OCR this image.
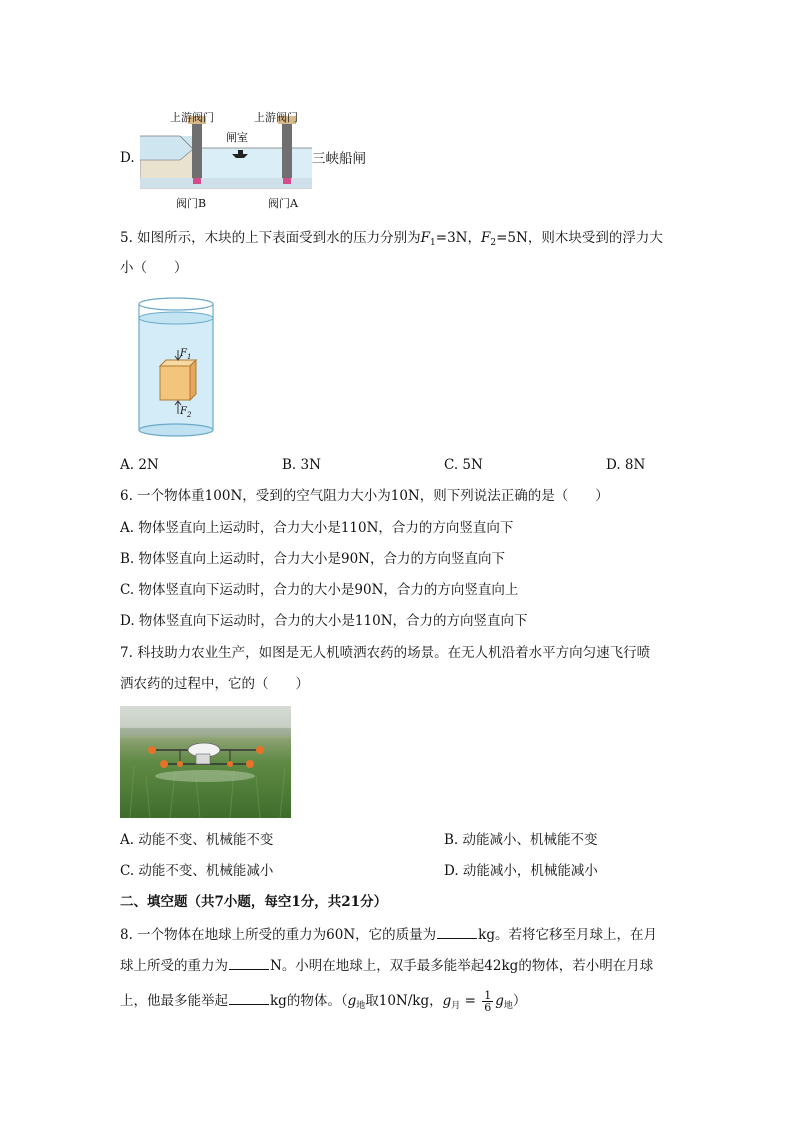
D.
上游阀门	上游阀门
闸室
阀门B	阀门A
三峡船闸
5. 如图所示，木块的上下表面受到水的压力分别为$F_1=3N$，$F_2=5N$，则木块受到的浮力大
小（　　）
$F_1$
$F_2$
A. 2N	B. 3N	C. 5N	D. 8N
6. 一个物体重100N，受到的空气阻力大小为10N，则下列说法正确的是（　　）
A. 物体竖直向上运动时，合力大小是110N，合力的方向竖直向下
B. 物体竖直向上运动时，合力大小是90N，合力的方向竖直向下
C. 物体竖直向下运动时，合力的大小是90N，合力的方向竖直向上
D. 物体竖直向下运动时，合力的大小是110N，合力的方向竖直向下
7. 科技助力农业生产，如图是无人机喷洒农药的场景。在无人机沿着水平方向匀速飞行喷
洒农药的过程中，它的（　　）
A. 动能不变、机械能不变	B. 动能减小、机械能不变
C. 动能不变、机械能减小	D. 动能减小，机械能减小
二、填空题（共7小题，每空1分，共21分）
8. 一个物体在地球上所受的重力为60N，它的质量为	kg。若将它移至月球上，在月
球上所受的重力为	N。小明在地球上，双手最多能举起42kg的物体，若小明在月球
上，他最多能举起	kg的物体。（$g_地$取10N/kg，$g_月 = \frac{1}{6} g_地$）
